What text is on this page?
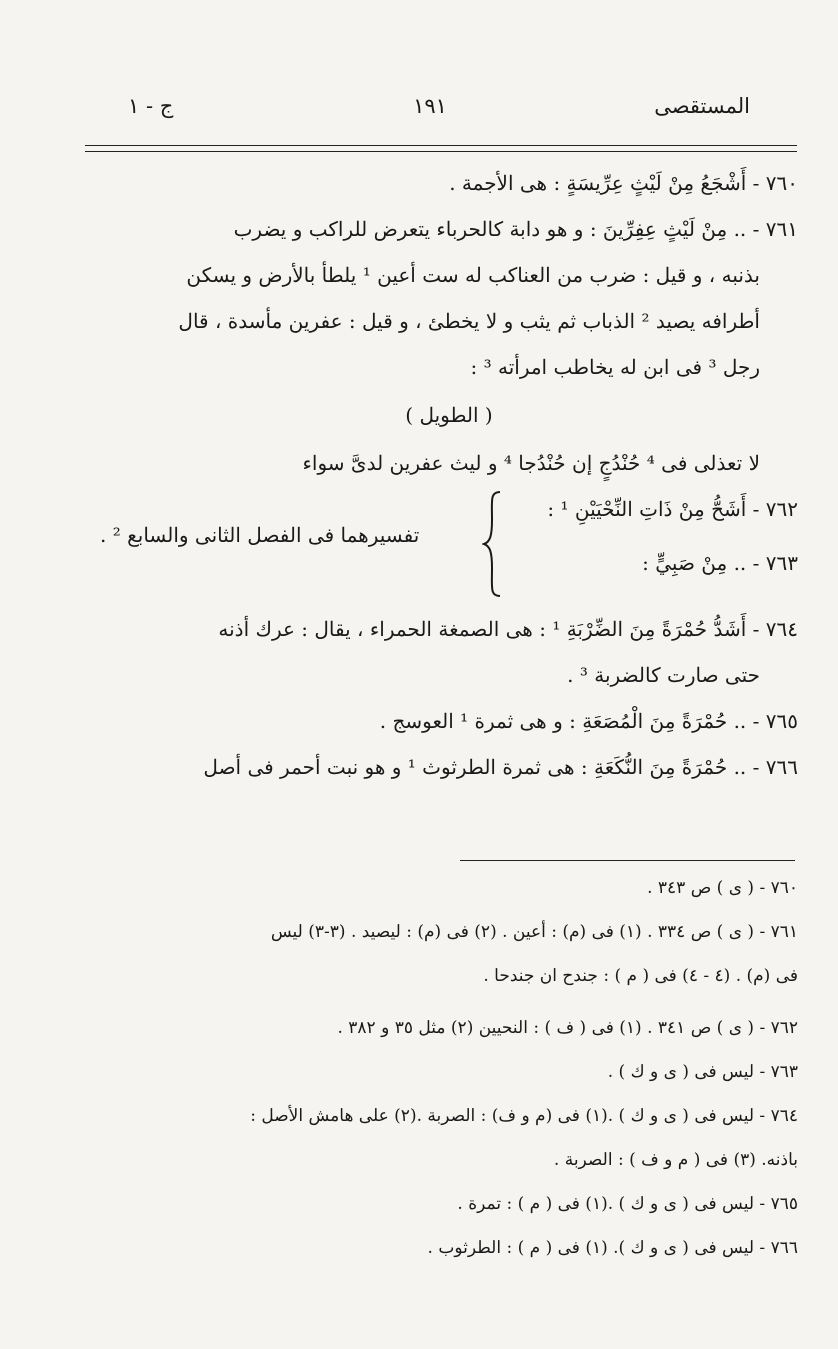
المستقصى
١٩١
ج - ١
٧٦٠ - أَشْجَعُ مِنْ لَيْثٍ عِرِّيسَةٍ : هى الأجمة .
٧٦١ - .. مِنْ لَيْثٍ عِفِرِّينَ : و هو دابة كالحرباء يتعرض للراكب و يضرب
بذنبه ، و قيل : ضرب من العناكب له ست أعين ¹ يلطأ بالأرض و يسكن
أطرافه يصيد ² الذباب ثم يثب و لا يخطئ ، و قيل : عفرين مأسدة ، قال
رجل ³ فى ابن له يخاطب امرأته ³ :
( الطويل )
لا تعذلى فى ⁴ حُنْدُجٍ إن حُنْدُجا ⁴ و ليث عفرين لدىَّ سواء
٧٦٢ - أَشَحُّ مِنْ ذَاتِ النِّحْيَيْنِ ¹ :
٧٦٣ - .. مِنْ صَبِيٍّ :
تفسيرهما فى الفصل الثانى والسابع ² .
٧٦٤ - أَشَدُّ حُمْرَةً مِنَ الضِّرْبَةِ ¹ : هى الصمغة الحمراء ، يقال : عرك أذنه
حتى صارت كالضربة ³ .
٧٦٥ - .. حُمْرَةً مِنَ الْمُصَعَةِ : و هى ثمرة ¹ العوسج .
٧٦٦ - .. حُمْرَةً مِنَ النُّكَعَةِ : هى ثمرة الطرثوث ¹ و هو نبت أحمر فى أصل
٧٦٠ - ( ى ) ص ٣٤٣ .
٧٦١ - ( ى ) ص ٣٣٤ . (١) فى (م) : أعين . (٢) فى (م) : ليصيد . (٣-٣) ليس
فى (م) . (٤ - ٤) فى ( م ) : جندح ان جندحا .
٧٦٢ - ( ى ) ص ٣٤١ . (١) فى ( ف ) : النحيين (٢) مثل ٣٥ و ٣٨٢ .
٧٦٣ - ليس فى ( ى و ك ) .
٧٦٤ - ليس فى ( ى و ك ) .(١) فى (م و ف) : الصربة .(٢) على هامش الأصل :
باذنه. (٣) فى ( م و ف ) : الصربة .
٧٦٥ - ليس فى ( ى و ك ) .(١) فى ( م ) : تمرة .
٧٦٦ - ليس فى ( ى و ك ). (١) فى ( م ) : الطرثوب .
